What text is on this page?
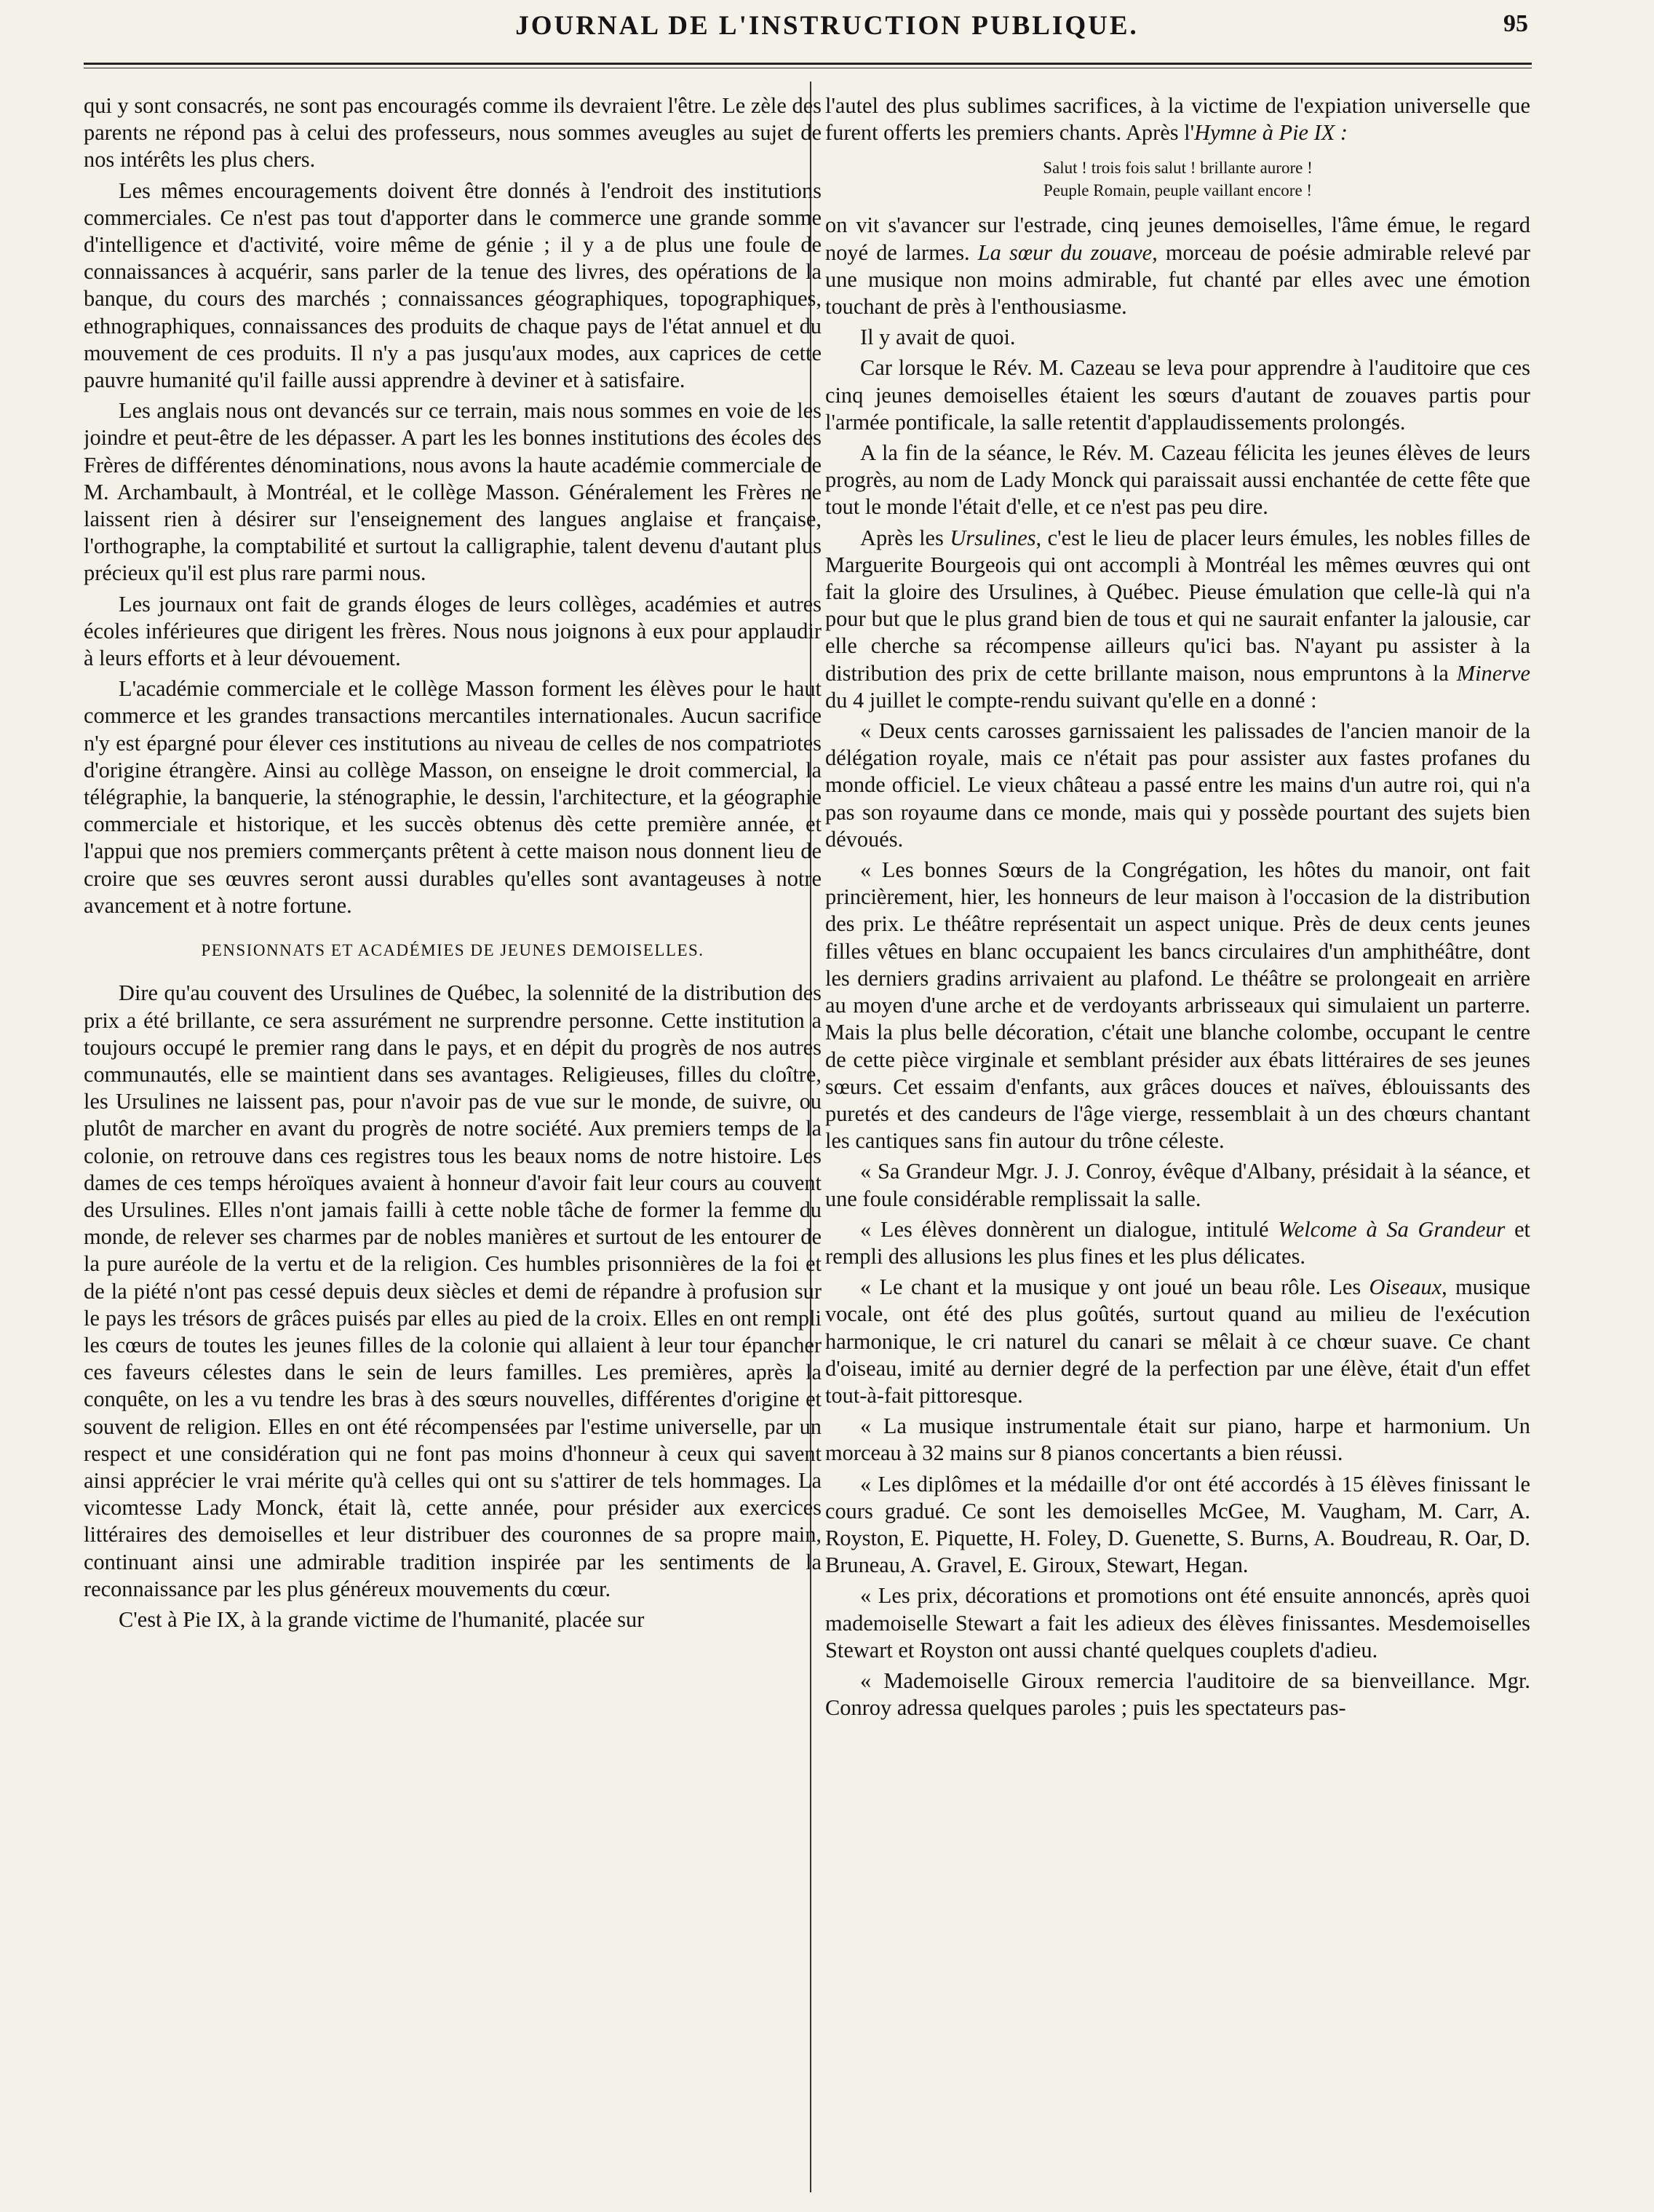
JOURNAL DE L'INSTRUCTION PUBLIQUE.	95

qui y sont consacrés, ne sont pas encouragés comme ils devraient l'être. Le zèle des parents ne répond pas à celui des professeurs, nous sommes aveugles au sujet de nos intérêts les plus chers.

Les mêmes encouragements doivent être donnés à l'endroit des institutions commerciales. Ce n'est pas tout d'apporter dans le commerce une grande somme d'intelligence et d'activité, voire même de génie ; il y a de plus une foule de connaissances à acquérir, sans parler de la tenue des livres, des opérations de la banque, du cours des marchés ; connaissances géographiques, topographiques, ethnographiques, connaissances des produits de chaque pays de l'état annuel et du mouvement de ces produits. Il n'y a pas jusqu'aux modes, aux caprices de cette pauvre humanité qu'il faille aussi apprendre à deviner et à satisfaire.

Les anglais nous ont devancés sur ce terrain, mais nous sommes en voie de les joindre et peut-être de les dépasser. A part les les bonnes institutions des écoles des Frères de différentes dénominations, nous avons la haute académie commerciale de M. Archambault, à Montréal, et le collège Masson. Généralement les Frères ne laissent rien à désirer sur l'enseignement des langues anglaise et française, l'orthographe, la comptabilité et surtout la calligraphie, talent devenu d'autant plus précieux qu'il est plus rare parmi nous.

Les journaux ont fait de grands éloges de leurs collèges, académies et autres écoles inférieures que dirigent les frères. Nous nous joignons à eux pour applaudir à leurs efforts et à leur dévouement.

L'académie commerciale et le collège Masson forment les élèves pour le haut commerce et les grandes transactions mercantiles internationales. Aucun sacrifice n'y est épargné pour élever ces institutions au niveau de celles de nos compatriotes d'origine étrangère. Ainsi au collège Masson, on enseigne le droit commercial, la télégraphie, la banquerie, la sténographie, le dessin, l'architecture, et la géographie commerciale et historique, et les succès obtenus dès cette première année, et l'appui que nos premiers commerçants prêtent à cette maison nous donnent lieu de croire que ses œuvres seront aussi durables qu'elles sont avantageuses à notre avancement et à notre fortune.

PENSIONNATS ET ACADÉMIES DE JEUNES DEMOISELLES.

Dire qu'au couvent des Ursulines de Québec, la solennité de la distribution des prix a été brillante, ce sera assurément ne surprendre personne. Cette institution a toujours occupé le premier rang dans le pays, et en dépit du progrès de nos autres communautés, elle se maintient dans ses avantages. Religieuses, filles du cloître, les Ursulines ne laissent pas, pour n'avoir pas de vue sur le monde, de suivre, ou plutôt de marcher en avant du progrès de notre société. Aux premiers temps de la colonie, on retrouve dans ces registres tous les beaux noms de notre histoire. Les dames de ces temps héroïques avaient à honneur d'avoir fait leur cours au couvent des Ursulines. Elles n'ont jamais failli à cette noble tâche de former la femme du monde, de relever ses charmes par de nobles manières et surtout de les entourer de la pure auréole de la vertu et de la religion. Ces humbles prisonnières de la foi et de la piété n'ont pas cessé depuis deux siècles et demi de répandre à profusion sur le pays les trésors de grâces puisés par elles au pied de la croix. Elles en ont rempli les cœurs de toutes les jeunes filles de la colonie qui allaient à leur tour épancher ces faveurs célestes dans le sein de leurs familles. Les premières, après la conquête, on les a vu tendre les bras à des sœurs nouvelles, différentes d'origine et souvent de religion. Elles en ont été récompensées par l'estime universelle, par un respect et une considération qui ne font pas moins d'honneur à ceux qui savent ainsi apprécier le vrai mérite qu'à celles qui ont su s'attirer de tels hommages. La vicomtesse Lady Monck, était là, cette année, pour présider aux exercices littéraires des demoiselles et leur distribuer des couronnes de sa propre main, continuant ainsi une admirable tradition inspirée par les sentiments de la reconnaissance par les plus généreux mouvements du cœur.

C'est à Pie IX, à la grande victime de l'humanité, placée sur

l'autel des plus sublimes sacrifices, à la victime de l'expiation universelle que furent offerts les premiers chants. Après l'Hymne à Pie IX :

Salut ! trois fois salut ! brillante aurore !
Peuple Romain, peuple vaillant encore !

on vit s'avancer sur l'estrade, cinq jeunes demoiselles, l'âme émue, le regard noyé de larmes. La sœur du zouave, morceau de poésie admirable relevé par une musique non moins admirable, fut chanté par elles avec une émotion touchant de près à l'enthousiasme.

Il y avait de quoi.

Car lorsque le Rév. M. Cazeau se leva pour apprendre à l'auditoire que ces cinq jeunes demoiselles étaient les sœurs d'autant de zouaves partis pour l'armée pontificale, la salle retentit d'applaudissements prolongés.

A la fin de la séance, le Rév. M. Cazeau félicita les jeunes élèves de leurs progrès, au nom de Lady Monck qui paraissait aussi enchantée de cette fête que tout le monde l'était d'elle, et ce n'est pas peu dire.

Après les Ursulines, c'est le lieu de placer leurs émules, les nobles filles de Marguerite Bourgeois qui ont accompli à Montréal les mêmes œuvres qui ont fait la gloire des Ursulines, à Québec. Pieuse émulation que celle-là qui n'a pour but que le plus grand bien de tous et qui ne saurait enfanter la jalousie, car elle cherche sa récompense ailleurs qu'ici bas. N'ayant pu assister à la distribution des prix de cette brillante maison, nous empruntons à la Minerve du 4 juillet le compte-rendu suivant qu'elle en a donné :

« Deux cents carosses garnissaient les palissades de l'ancien manoir de la délégation royale, mais ce n'était pas pour assister aux fastes profanes du monde officiel. Le vieux château a passé entre les mains d'un autre roi, qui n'a pas son royaume dans ce monde, mais qui y possède pourtant des sujets bien dévoués.

« Les bonnes Sœurs de la Congrégation, les hôtes du manoir, ont fait princièrement, hier, les honneurs de leur maison à l'occasion de la distribution des prix. Le théâtre représentait un aspect unique. Près de deux cents jeunes filles vêtues en blanc occupaient les bancs circulaires d'un amphithéâtre, dont les derniers gradins arrivaient au plafond. Le théâtre se prolongeait en arrière au moyen d'une arche et de verdoyants arbrisseaux qui simulaient un parterre. Mais la plus belle décoration, c'était une blanche colombe, occupant le centre de cette pièce virginale et semblant présider aux ébats littéraires de ses jeunes sœurs. Cet essaim d'enfants, aux grâces douces et naïves, éblouissants des puretés et des candeurs de l'âge vierge, ressemblait à un des chœurs chantant les cantiques sans fin autour du trône céleste.

« Sa Grandeur Mgr. J. J. Conroy, évêque d'Albany, présidait à la séance, et une foule considérable remplissait la salle.

« Les élèves donnèrent un dialogue, intitulé Welcome à Sa Grandeur et rempli des allusions les plus fines et les plus délicates.

« Le chant et la musique y ont joué un beau rôle. Les Oiseaux, musique vocale, ont été des plus goûtés, surtout quand au milieu de l'exécution harmonique, le cri naturel du canari se mêlait à ce chœur suave. Ce chant d'oiseau, imité au dernier degré de la perfection par une élève, était d'un effet tout-à-fait pittoresque.

« La musique instrumentale était sur piano, harpe et harmonium. Un morceau à 32 mains sur 8 pianos concertants a bien réussi.

« Les diplômes et la médaille d'or ont été accordés à 15 élèves finissant le cours gradué. Ce sont les demoiselles McGee, M. Vaugham, M. Carr, A. Royston, E. Piquette, H. Foley, D. Guenette, S. Burns, A. Boudreau, R. Oar, D. Bruneau, A. Gravel, E. Giroux, Stewart, Hegan.

« Les prix, décorations et promotions ont été ensuite annoncés, après quoi mademoiselle Stewart a fait les adieux des élèves finissantes. Mesdemoiselles Stewart et Royston ont aussi chanté quelques couplets d'adieu.

« Mademoiselle Giroux remercia l'auditoire de sa bienveillance. Mgr. Conroy adressa quelques paroles ; puis les spectateurs pas-
